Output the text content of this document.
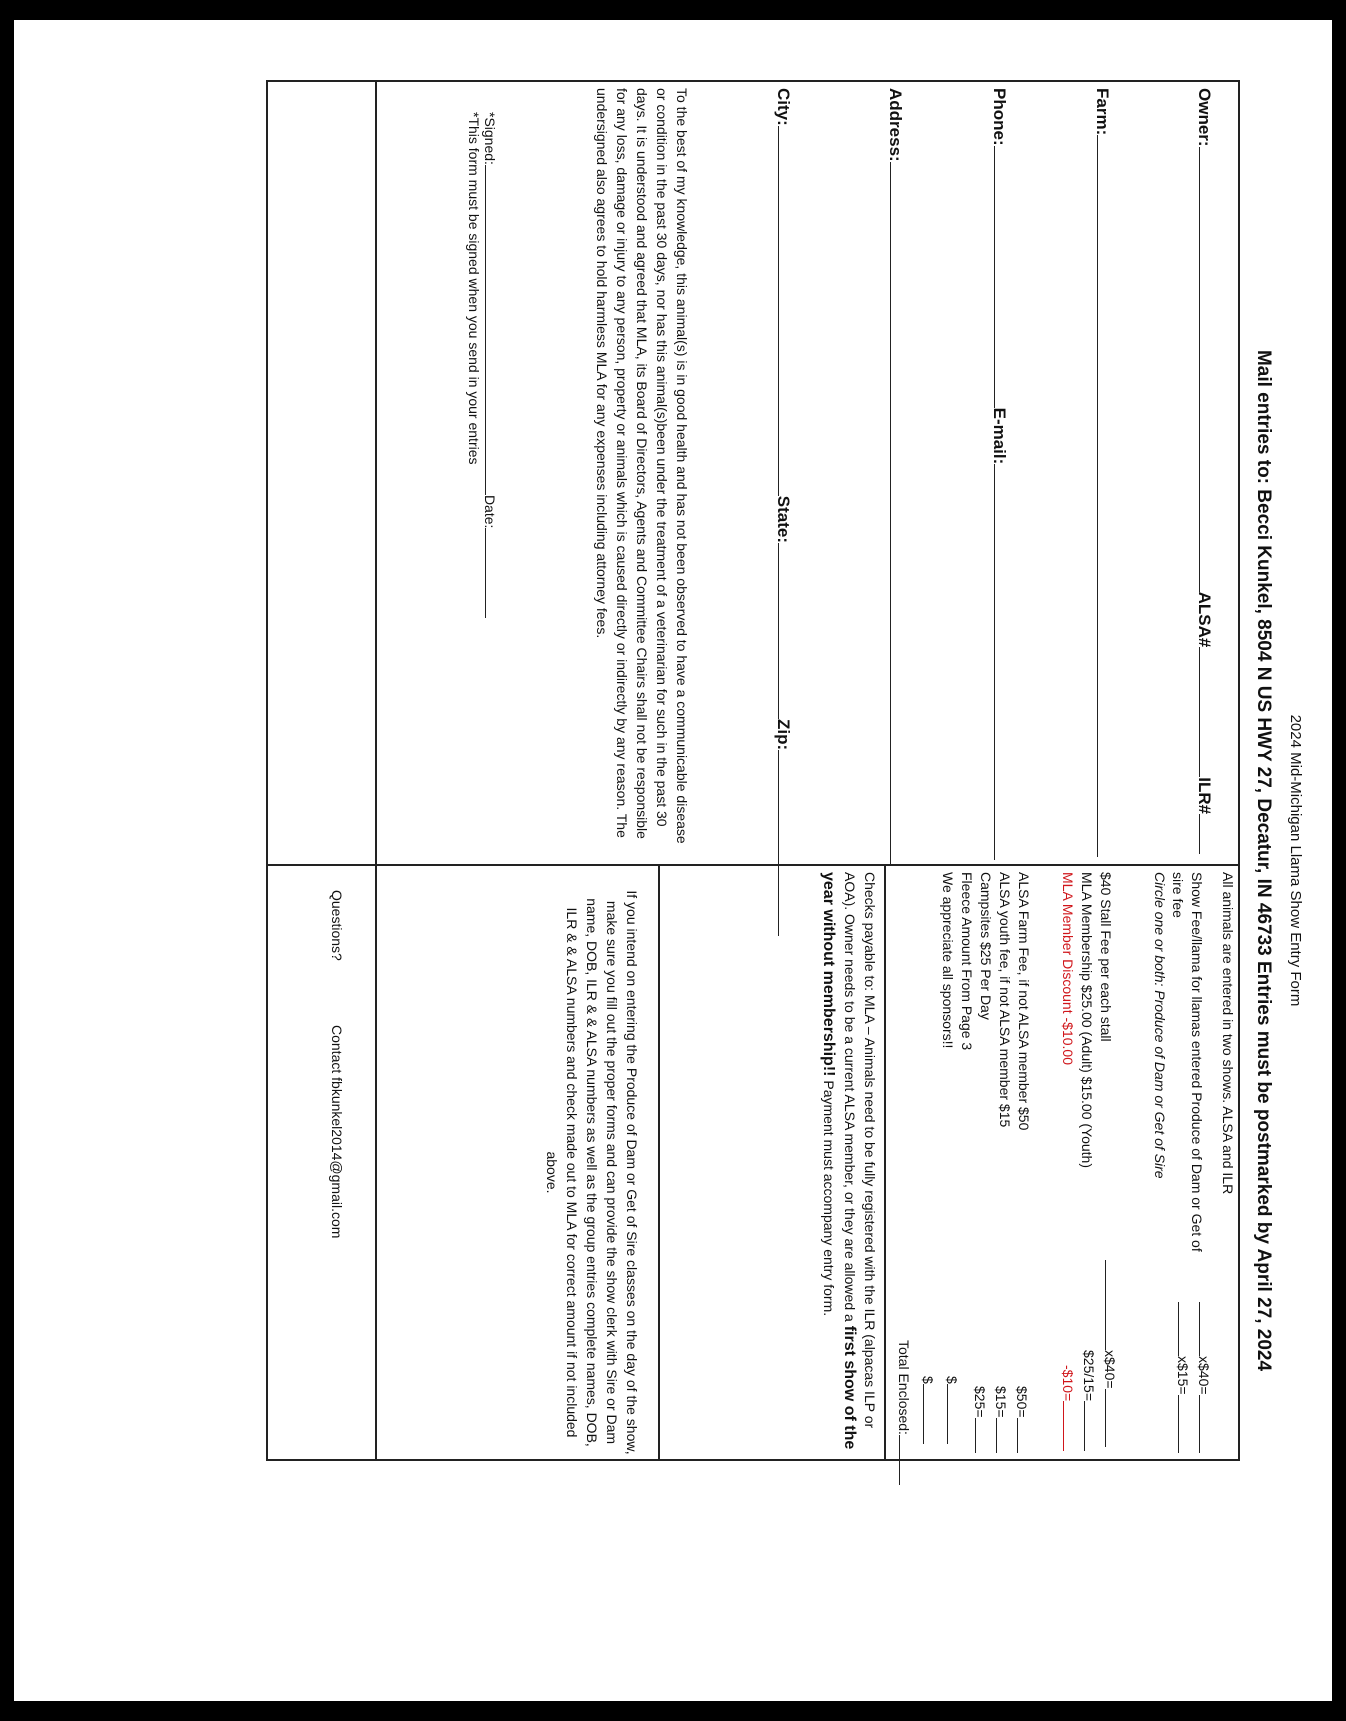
2024 Mid-Michigan Llama Show Entry Form
Mail entries to: Becci Kunkel, 8504 N US HWY 27, Decatur, IN 46733 Entries must be postmarked by April 27, 2024
Owner:ALSA#ILR#
Farm:
Phone:E-mail:
Address:
City:State:Zip:
To the best of my knowledge, this animal(s) is in good health and has not been observed to have a communicable disease or condition in the past 30 days, nor has this animal(s)been under the treatment of a veterinarian for such in the past 30 days. It is understood and agreed that MLA, its Board of Directors, Agents and Committee Chairs shall not be responsible for any loss, damage or injury to any person, property or animals which is caused directly or indirectly by any reason. The undersigned also agrees to hold harmless MLA for any expenses including attorney fees.
*Signed:Date:
*This form must be signed when you send in your entries
All animals are entered in two shows. ALSA and ILR
Show Fee/llama for llamas entered Produce of Dam or Get of sire fee
Circle one or both: Produce of Dam or Get of Sire
x$40=
x$15=
$40 Stall Fee per each stall
MLA Membership $25.00 (Adult) $15.00 (Youth)
MLA Member Discount -$10.00
x$40=
$25/15=
-$10=
ALSA Farm Fee, if not ALSA member $50
ALSA youth fee, if not ALSA member $15
Campsites $25 Per Day
Fleece Amount From Page 3
We appreciate all sponsors!!
$50=
$15=
$25=
$
$
Total Enclosed:
Checks payable to: MLA – Animals need to be fully registered with the ILR (alpacas ILP or AOA). Owner needs to be a current ALSA member, or they are allowed a first show of the year without membership!! Payment must accompany entry form.
If you intend on entering the Produce of Dam or Get of Sire classes on the day of the show, make sure you fill out the proper forms and can provide the show clerk with Sire or Dam name, DOB, ILR & & ALSA numbers as well as the group entries complete names, DOB, ILR & & ALSA numbers and check made out to MLA for correct amount if not included above.
Questions?
Contact fbkunkel2014@gmail.com
